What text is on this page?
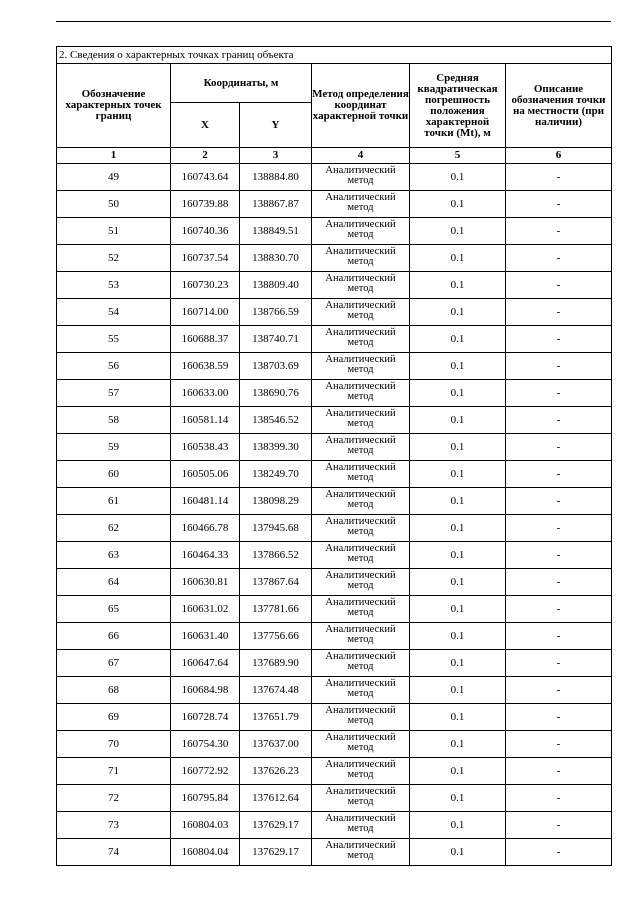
2. Сведения о характерных точках границ объекта					
Обозначение характерных точек границ	Координаты, м		Метод определения координат характерной точки	Средняя квадратическая погрешность положения характерной точки (Mt), м	Описание обозначения точки на местности (при наличии)
	X	Y			
1	2	3	4	5	6
49	160743.64	138884.80	Аналитический метод	0.1	-
50	160739.88	138867.87	Аналитический метод	0.1	-
51	160740.36	138849.51	Аналитический метод	0.1	-
52	160737.54	138830.70	Аналитический метод	0.1	-
53	160730.23	138809.40	Аналитический метод	0.1	-
54	160714.00	138766.59	Аналитический метод	0.1	-
55	160688.37	138740.71	Аналитический метод	0.1	-
56	160638.59	138703.69	Аналитический метод	0.1	-
57	160633.00	138690.76	Аналитический метод	0.1	-
58	160581.14	138546.52	Аналитический метод	0.1	-
59	160538.43	138399.30	Аналитический метод	0.1	-
60	160505.06	138249.70	Аналитический метод	0.1	-
61	160481.14	138098.29	Аналитический метод	0.1	-
62	160466.78	137945.68	Аналитический метод	0.1	-
63	160464.33	137866.52	Аналитический метод	0.1	-
64	160630.81	137867.64	Аналитический метод	0.1	-
65	160631.02	137781.66	Аналитический метод	0.1	-
66	160631.40	137756.66	Аналитический метод	0.1	-
67	160647.64	137689.90	Аналитический метод	0.1	-
68	160684.98	137674.48	Аналитический метод	0.1	-
69	160728.74	137651.79	Аналитический метод	0.1	-
70	160754.30	137637.00	Аналитический метод	0.1	-
71	160772.92	137626.23	Аналитический метод	0.1	-
72	160795.84	137612.64	Аналитический метод	0.1	-
73	160804.03	137629.17	Аналитический метод	0.1	-
74	160804.04	137629.17	Аналитический метод	0.1	-
